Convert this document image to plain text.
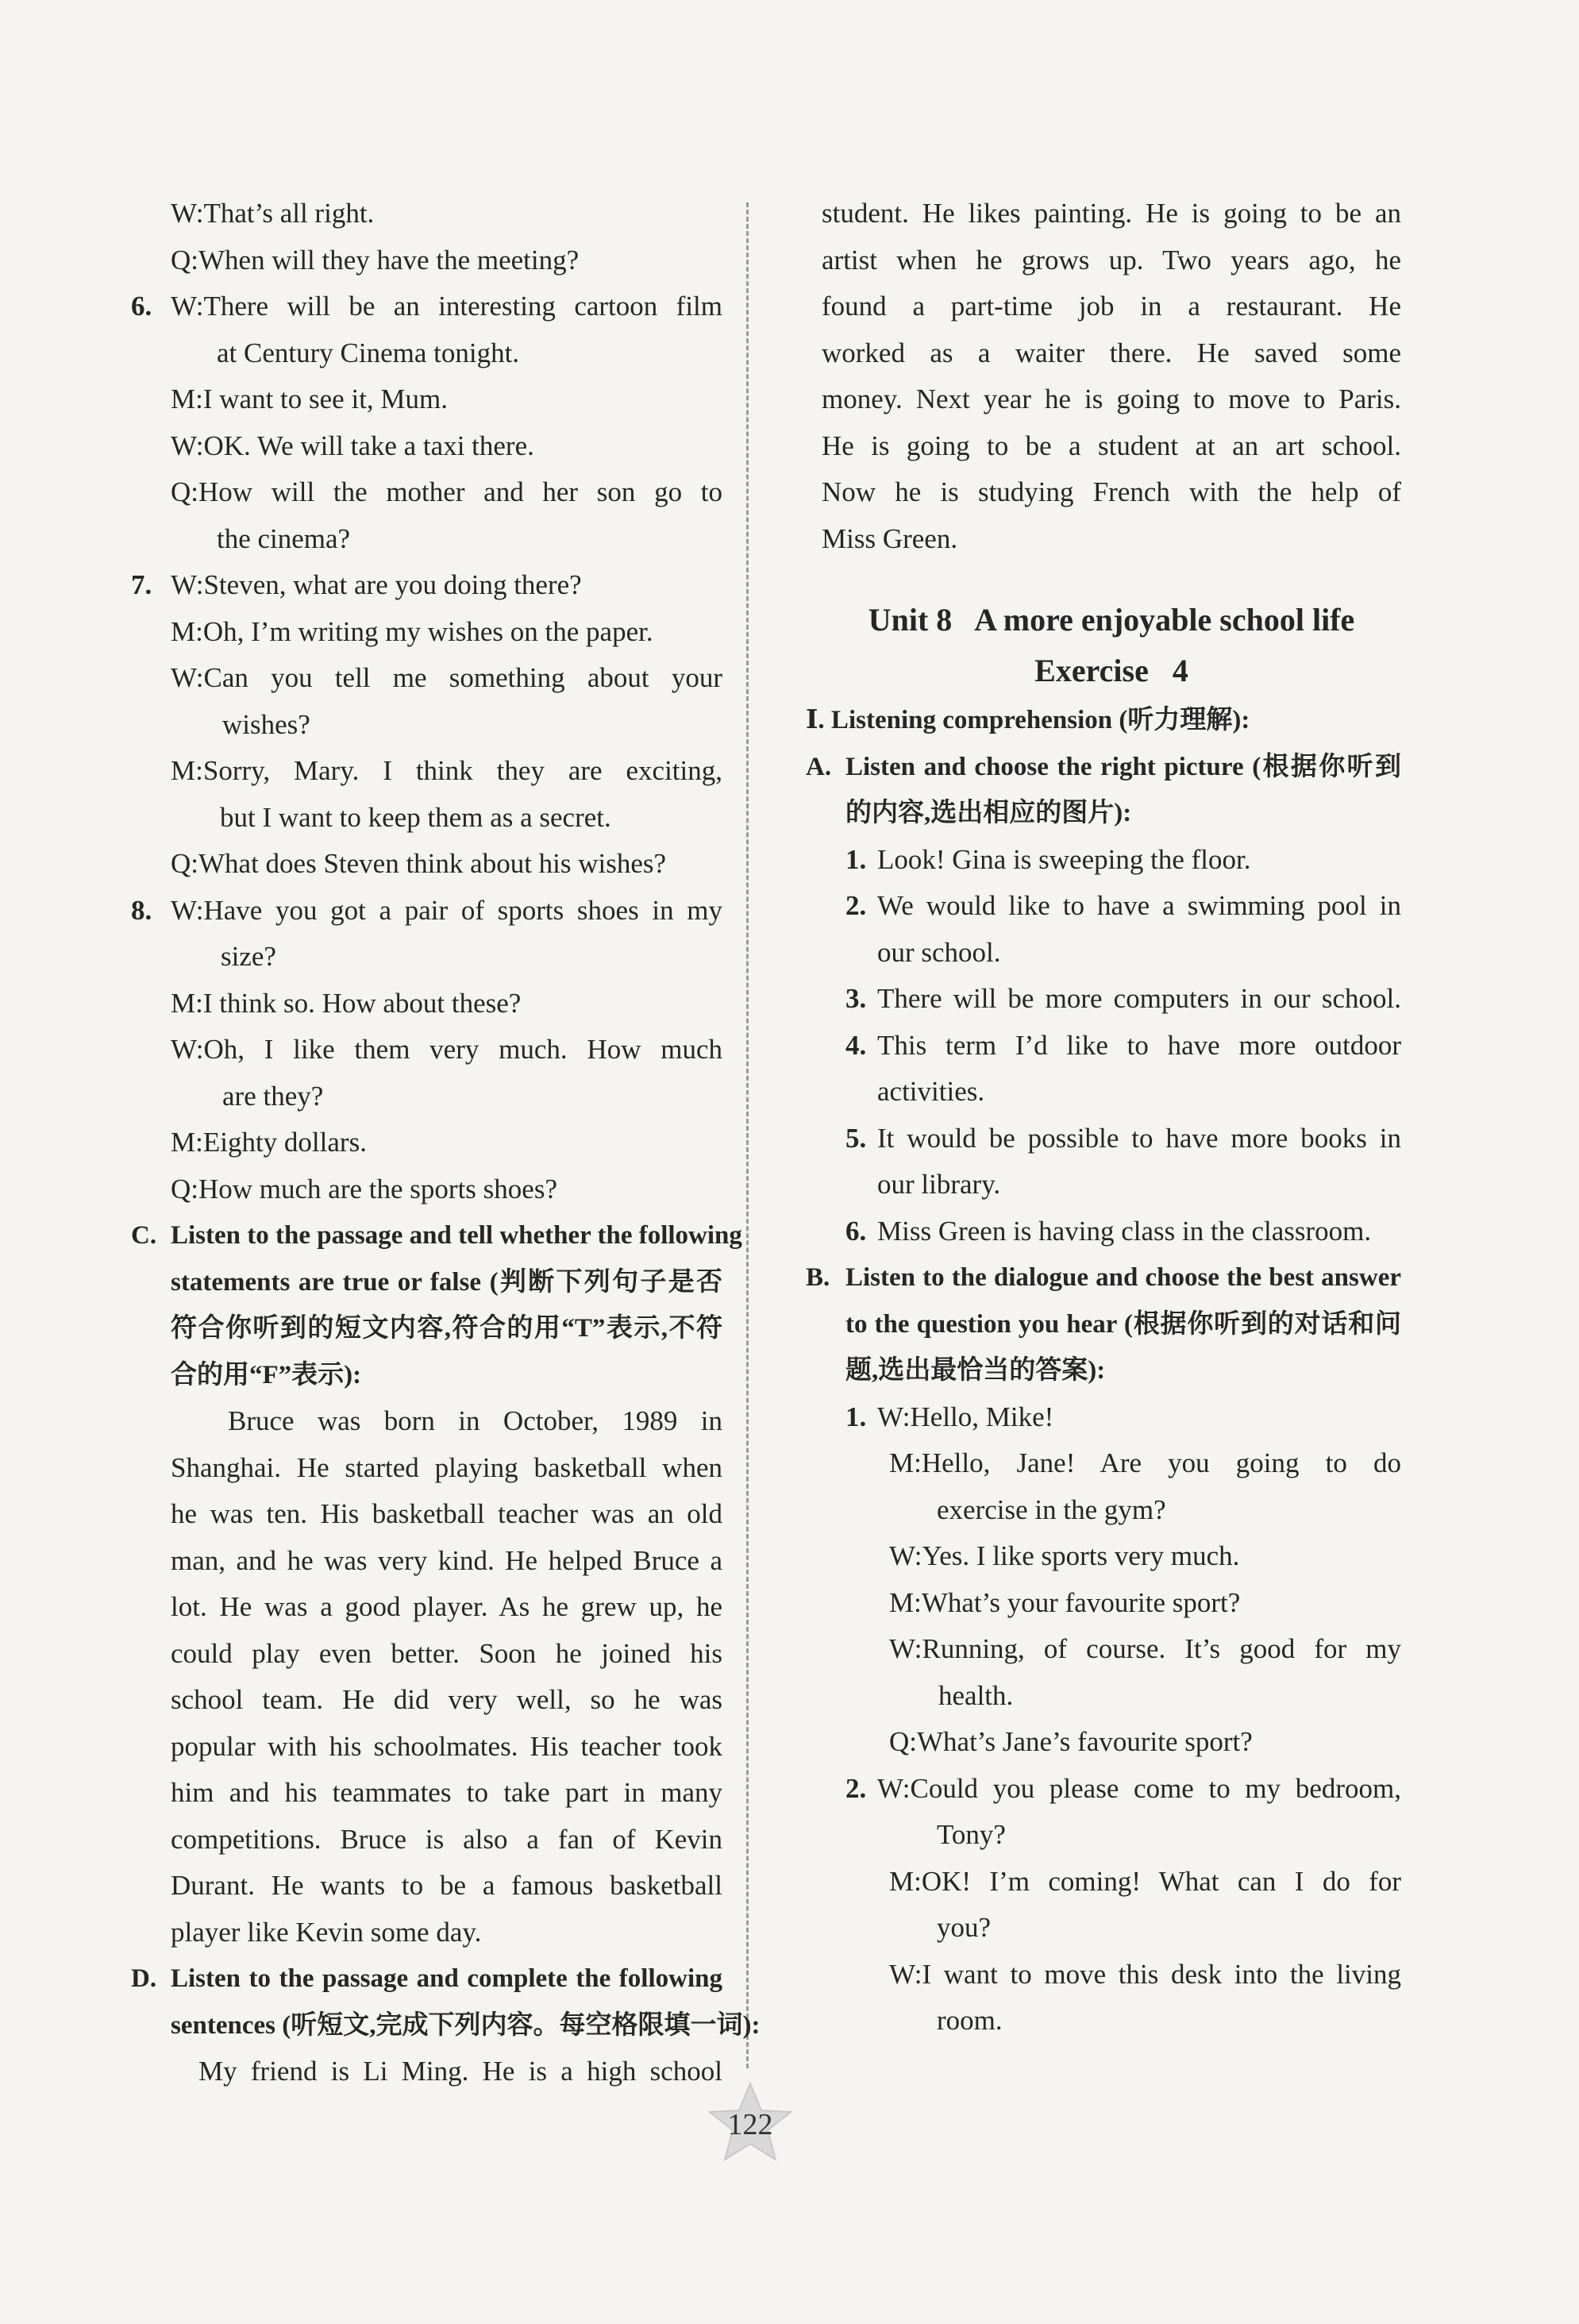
W:That’s all right.
Q:When will they have the meeting?
6. W:There will be an interesting cartoon film
at Century Cinema tonight.
M:I want to see it, Mum.
W:OK. We will take a taxi there.
Q:How will the mother and her son go to
the cinema?
7. W:Steven, what are you doing there?
M:Oh, I’m writing my wishes on the paper.
W:Can you tell me something about your
wishes?
M:Sorry, Mary. I think they are exciting,
but I want to keep them as a secret.
Q:What does Steven think about his wishes?
8. W:Have you got a pair of sports shoes in my
size?
M:I think so. How about these?
W:Oh, I like them very much. How much
are they?
M:Eighty dollars.
Q:How much are the sports shoes?
C. Listen to the passage and tell whether the following
statements are true or false (判断下列句子是否
符合你听到的短文内容,符合的用“T”表示,不符
合的用“F”表示):
Bruce was born in October, 1989 in
Shanghai. He started playing basketball when
he was ten. His basketball teacher was an old
man, and he was very kind. He helped Bruce a
lot. He was a good player. As he grew up, he
could play even better. Soon he joined his
school team. He did very well, so he was
popular with his schoolmates. His teacher took
him and his teammates to take part in many
competitions. Bruce is also a fan of Kevin
Durant. He wants to be a famous basketball
player like Kevin some day.
D. Listen to the passage and complete the following
sentences (听短文,完成下列内容。每空格限填一词):
My friend is Li Ming. He is a high school
student. He likes painting. He is going to be an
artist when he grows up. Two years ago, he
found a part-time job in a restaurant. He
worked as a waiter there. He saved some
money. Next year he is going to move to Paris.
He is going to be a student at an art school.
Now he is studying French with the help of
Miss Green.
Unit 8   A more enjoyable school life
Exercise   4
Ⅰ. Listening comprehension (听力理解):
A. Listen and choose the right picture (根据你听到
的内容,选出相应的图片):
1. Look! Gina is sweeping the floor.
2. We would like to have a swimming pool in
our school.
3. There will be more computers in our school.
4. This term I’d like to have more outdoor
activities.
5. It would be possible to have more books in
our library.
6. Miss Green is having class in the classroom.
B. Listen to the dialogue and choose the best answer
to the question you hear (根据你听到的对话和问
题,选出最恰当的答案):
1. W:Hello, Mike!
M:Hello, Jane! Are you going to do
exercise in the gym?
W:Yes. I like sports very much.
M:What’s your favourite sport?
W:Running, of course. It’s good for my
health.
Q:What’s Jane’s favourite sport?
2. W:Could you please come to my bedroom,
Tony?
M:OK! I’m coming! What can I do for
you?
W:I want to move this desk into the living
room.
122
